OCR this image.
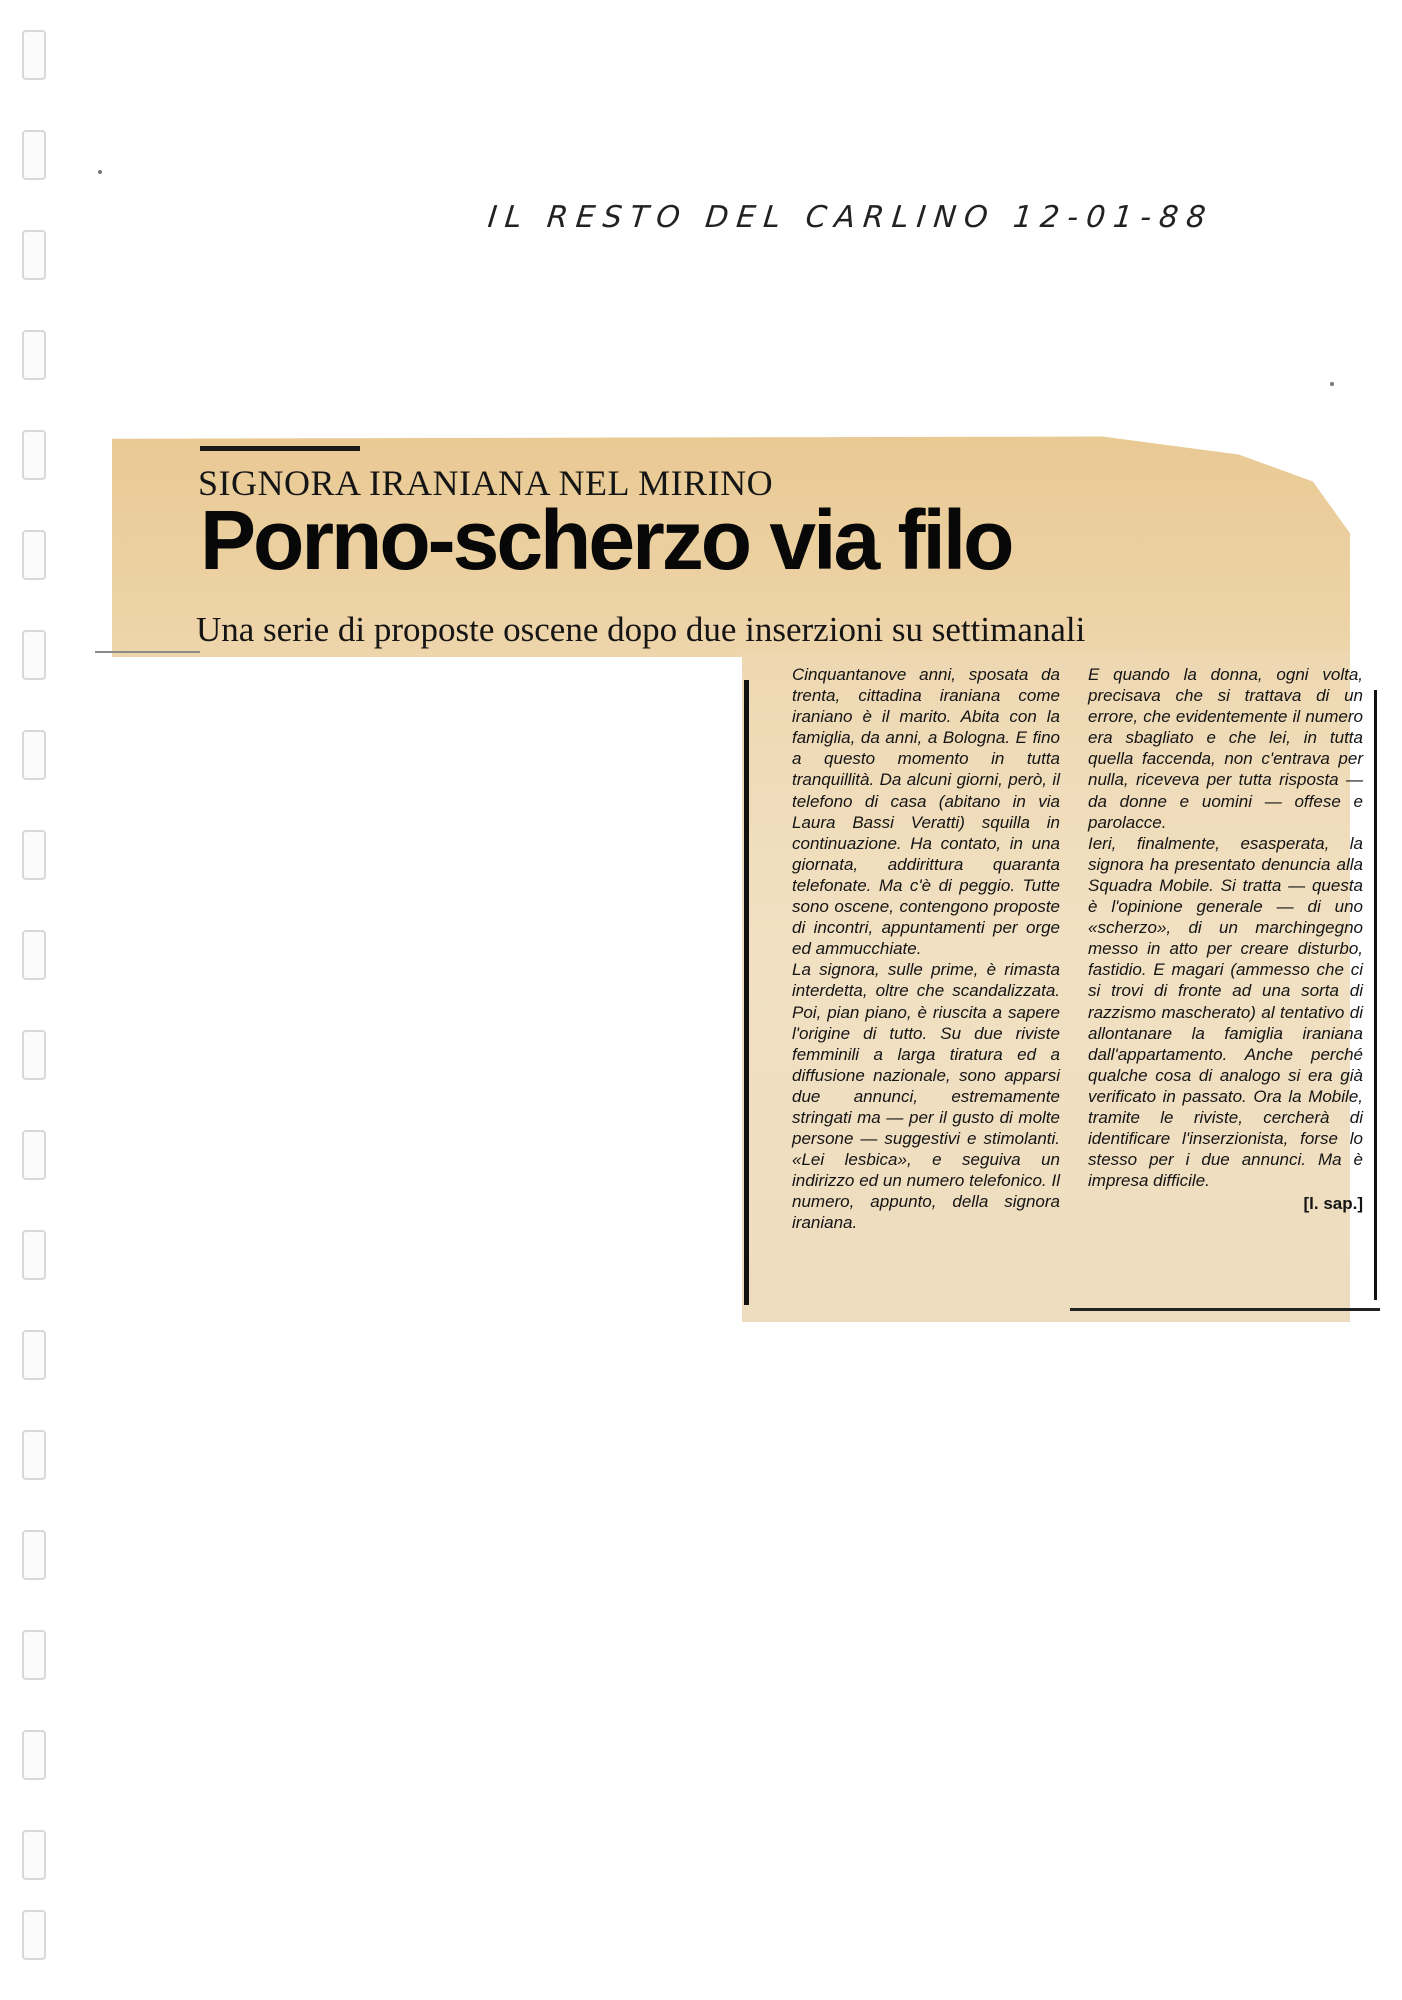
IL RESTO DEL CARLINO 12-01-88
SIGNORA IRANIANA NEL MIRINO
Porno-scherzo via filo
Una serie di proposte oscene dopo due inserzioni su settimanali

Cinquantanove anni, sposata da trenta, cittadina iraniana come iraniano è il marito. Abita con la famiglia, da anni, a Bologna. E fino a questo momento in tutta tranquillità. Da alcuni giorni, però, il telefono di casa (abitano in via Laura Bassi Veratti) squilla in continuazione. Ha contato, in una giornata, addirittura quaranta telefonate. Ma c'è di peggio. Tutte sono oscene, contengono proposte di incontri, appuntamenti per orge ed ammucchiate.

La signora, sulle prime, è rimasta interdetta, oltre che scandalizzata. Poi, pian piano, è riuscita a sapere l'origine di tutto. Su due riviste femminili a larga tiratura ed a diffusione nazionale, sono apparsi due annunci, estremamente stringati ma — per il gusto di molte persone — suggestivi e stimolanti. «Lei lesbica», e seguiva un indirizzo ed un numero telefonico. Il numero, appunto, della signora iraniana.

E quando la donna, ogni volta, precisava che si trattava di un errore, che evidentemente il numero era sbagliato e che lei, in tutta quella faccenda, non c'entrava per nulla, riceveva per tutta risposta — da donne e uomini — offese e parolacce.

Ieri, finalmente, esasperata, la signora ha presentato denuncia alla Squadra Mobile. Si tratta — questa è l'opinione generale — di uno «scherzo», di un marchingegno messo in atto per creare disturbo, fastidio. E magari (ammesso che ci si trovi di fronte ad una sorta di razzismo mascherato) al tentativo di allontanare la famiglia iraniana dall'appartamento. Anche perché qualche cosa di analogo si era già verificato in passato. Ora la Mobile, tramite le riviste, cercherà di identificare l'inserzionista, forse lo stesso per i due annunci. Ma è impresa difficile.

[l. sap.]
